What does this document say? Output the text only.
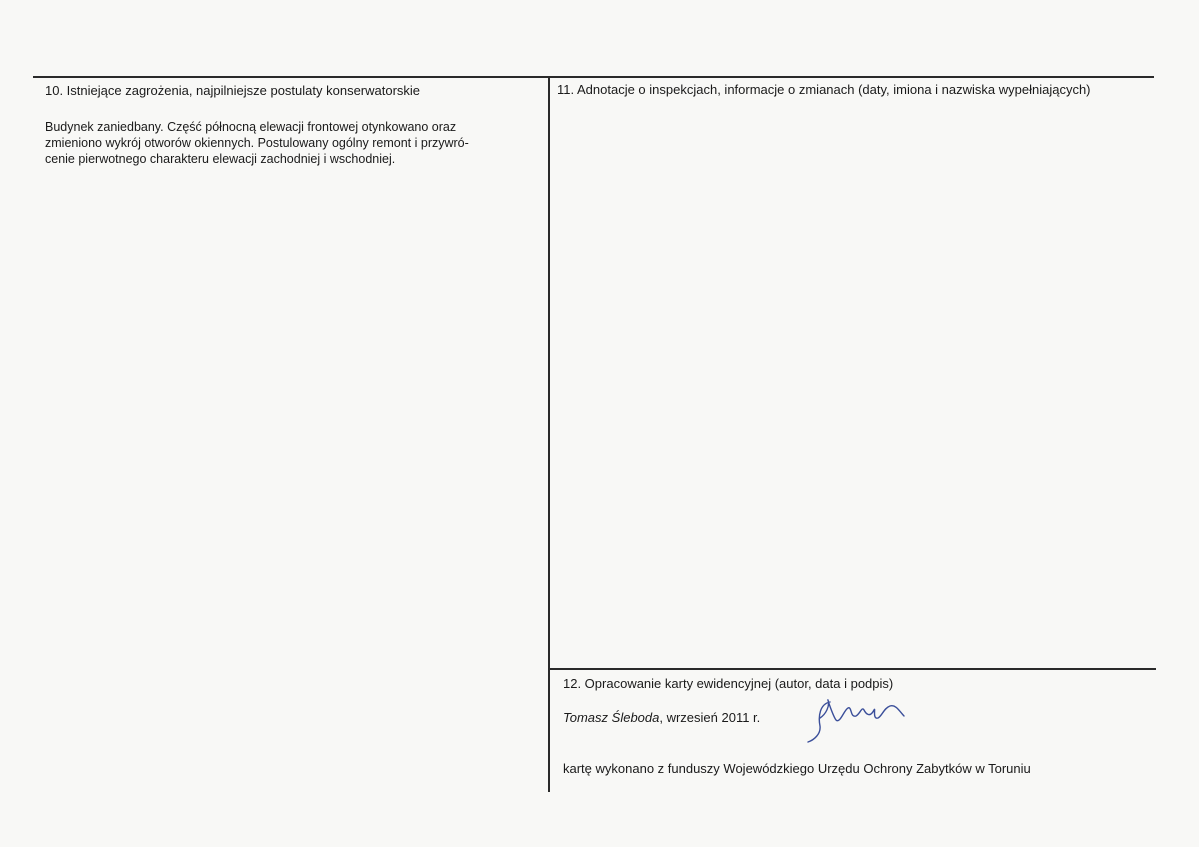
10. Istniejące zagrożenia, najpilniejsze postulaty konserwatorskie
Budynek zaniedbany. Część północną elewacji frontowej otynkowano oraz
zmieniono wykrój otworów okiennych. Postulowany ogólny remont i przywró-
cenie pierwotnego charakteru elewacji zachodniej i wschodniej.
11. Adnotacje o inspekcjach, informacje o zmianach (daty, imiona i nazwiska wypełniających)
12. Opracowanie karty ewidencyjnej (autor, data i podpis)
Tomasz Śleboda, wrzesień 2011 r.
kartę wykonano z funduszy Wojewódzkiego Urzędu Ochrony Zabytków w Toruniu
